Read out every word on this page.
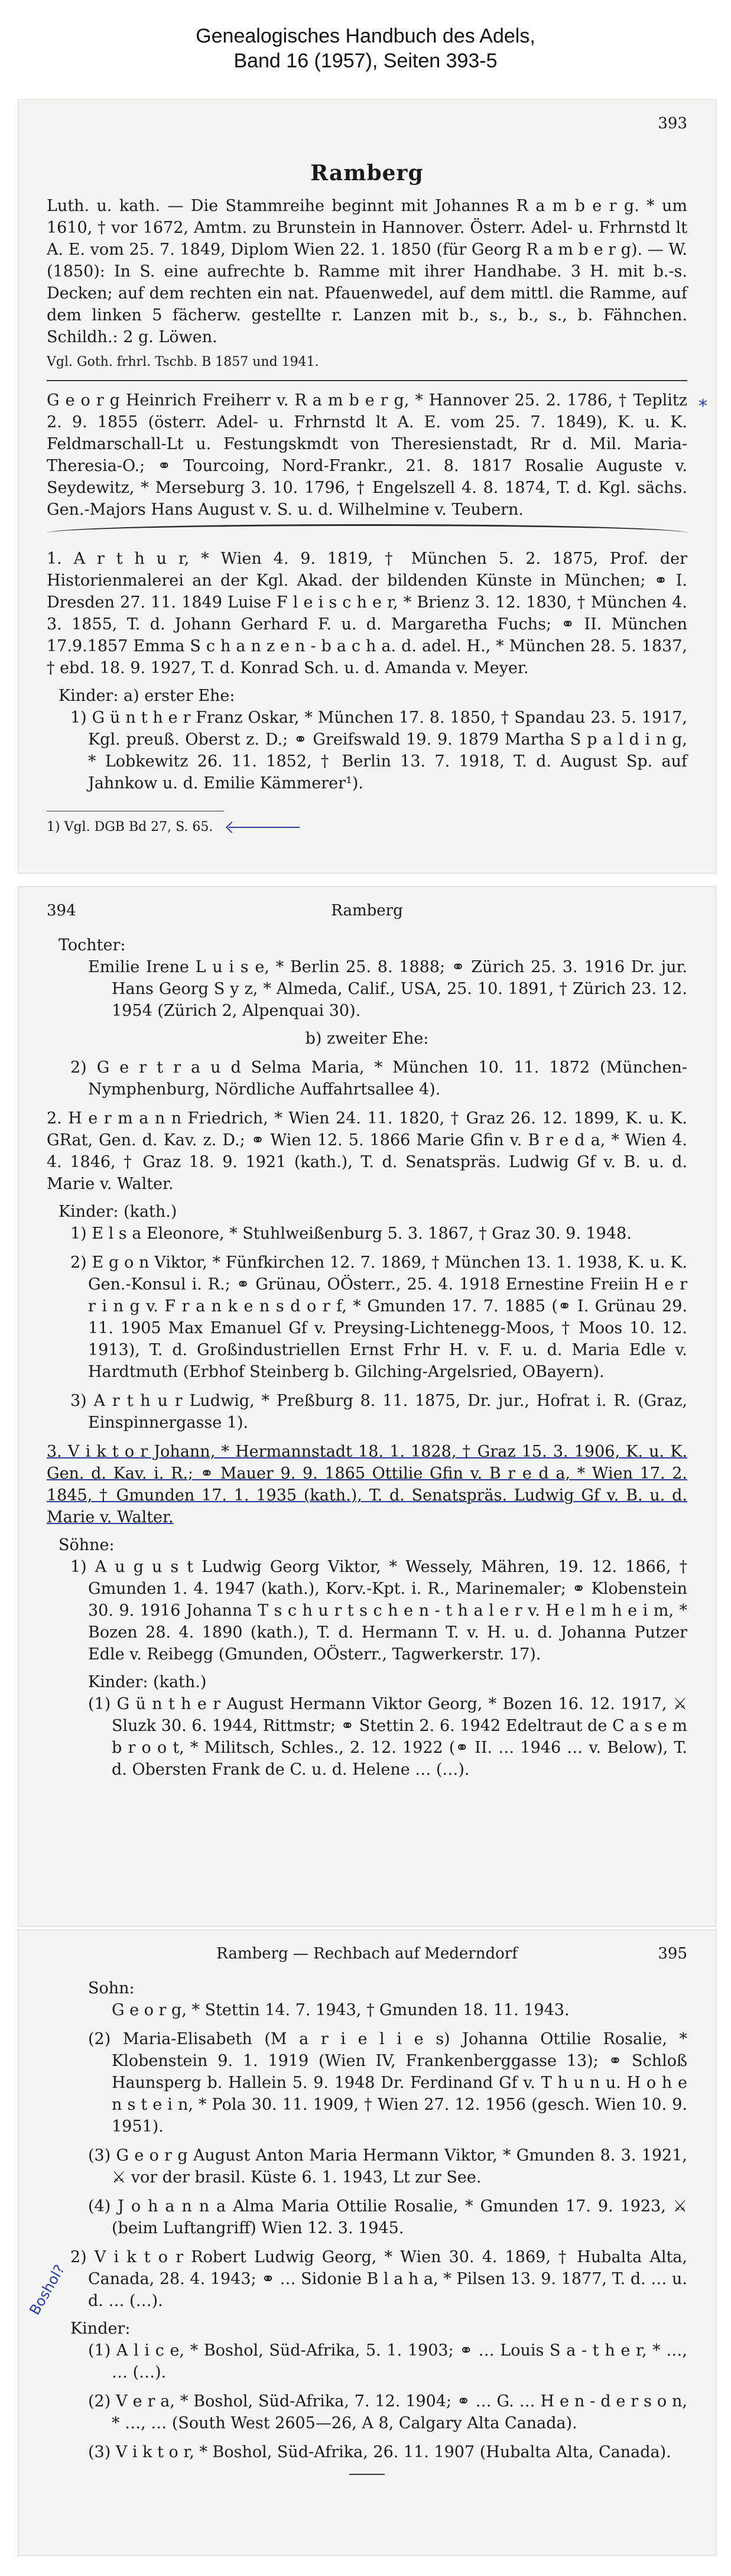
Genealogisches Handbuch des Adels,
Band 16 (1957), Seiten 393-5
393
Ramberg

Luth. u. kath. — Die Stammreihe beginnt mit Johannes R a m b e r g. * um 1610, † vor 1672, Amtm. zu Brunstein in Hannover. Österr. Adel- u. Frhrnstd lt A. E. vom 25. 7. 1849, Diplom Wien 22. 1. 1850 (für Georg R a m b e r g). — W. (1850): In S. eine aufrechte b. Ramme mit ihrer Handhabe. 3 H. mit b.-s. Decken; auf dem rechten ein nat. Pfauenwedel, auf dem mittl. die Ramme, auf dem linken 5 fächerw. gestellte r. Lanzen mit b., s., b., s., b. Fähnchen. Schildh.: 2 g. Löwen.

Vgl. Goth. frhrl. Tschb. B 1857 und 1941.

G e o r g Heinrich Freiherr v. R a m b e r g, * Hannover 25. 2. 1786, † Teplitz 2. 9. 1855 (österr. Adel- u. Frhrnstd lt A. E. vom 25. 7. 1849), K. u. K. Feldmarschall-Lt u. Festungskmdt von Theresienstadt, Rr d. Mil. Maria-Theresia-O.; ⚭ Tourcoing, Nord-Frankr., 21. 8. 1817 Rosalie Auguste v. Seydewitz, * Merseburg 3. 10. 1796, † Engelszell 4. 8. 1874, T. d. Kgl. sächs. Gen.-Majors Hans August v. S. u. d. Wilhelmine v. Teubern.

1. A r t h u r, * Wien 4. 9. 1819, † München 5. 2. 1875, Prof. der Historienmalerei an der Kgl. Akad. der bildenden Künste in München; ⚭ I. Dresden 27. 11. 1849 Luise F l e i s c h e r, * Brienz 3. 12. 1830, † München 4. 3. 1855, T. d. Johann Gerhard F. u. d. Margaretha Fuchs; ⚭ II. München 17.9.1857 Emma S c h a n z e n - b a c h a. d. adel. H., * München 28. 5. 1837, † ebd. 18. 9. 1927, T. d. Konrad Sch. u. d. Amanda v. Meyer.

Kinder: a) erster Ehe:

1) G ü n t h e r Franz Oskar, * München 17. 8. 1850, † Spandau 23. 5. 1917, Kgl. preuß. Oberst z. D.; ⚭ Greifswald 19. 9. 1879 Martha S p a l d i n g, * Lobkewitz 26. 11. 1852, † Berlin 13. 7. 1918, T. d. August Sp. auf Jahnkow u. d. Emilie Kämmerer¹).

1) Vgl. DGB Bd 27, S. 65.

*
394	Ramberg

Tochter:

Emilie Irene L u i s e, * Berlin 25. 8. 1888; ⚭ Zürich 25. 3. 1916 Dr. jur. Hans Georg S y z, * Almeda, Calif., USA, 25. 10. 1891, † Zürich 23. 12. 1954 (Zürich 2, Alpenquai 30).

b) zweiter Ehe:

2) G e r t r a u d Selma Maria, * München 10. 11. 1872 (München-Nymphenburg, Nördliche Auffahrtsallee 4).

2. H e r m a n n Friedrich, * Wien 24. 11. 1820, † Graz 26. 12. 1899, K. u. K. GRat, Gen. d. Kav. z. D.; ⚭ Wien 12. 5. 1866 Marie Gfin v. B r e d a, * Wien 4. 4. 1846, † Graz 18. 9. 1921 (kath.), T. d. Senatspräs. Ludwig Gf v. B. u. d. Marie v. Walter.

Kinder: (kath.)

1) E l s a Eleonore, * Stuhlweißenburg 5. 3. 1867, † Graz 30. 9. 1948.

2) E g o n Viktor, * Fünfkirchen 12. 7. 1869, † München 13. 1. 1938, K. u. K. Gen.-Konsul i. R.; ⚭ Grünau, OÖsterr., 25. 4. 1918 Ernestine Freiin H e r r i n g v. F r a n k e n s d o r f, * Gmunden 17. 7. 1885 (⚭ I. Grünau 29. 11. 1905 Max Emanuel Gf v. Preysing-Lichtenegg-Moos, † Moos 10. 12. 1913), T. d. Großindustriellen Ernst Frhr H. v. F. u. d. Maria Edle v. Hardtmuth (Erbhof Steinberg b. Gilching-Argelsried, OBayern).

3) A r t h u r Ludwig, * Preßburg 8. 11. 1875, Dr. jur., Hofrat i. R. (Graz, Einspinnergasse 1).

3. V i k t o r Johann, * Hermannstadt 18. 1. 1828, † Graz 15. 3. 1906, K. u. K. Gen. d. Kav. i. R.; ⚭ Mauer 9. 9. 1865 Ottilie Gfin v. B r e d a, * Wien 17. 2. 1845, † Gmunden 17. 1. 1935 (kath.), T. d. Senatspräs. Ludwig Gf v. B. u. d. Marie v. Walter.

Söhne:

1) A u g u s t Ludwig Georg Viktor, * Wessely, Mähren, 19. 12. 1866, † Gmunden 1. 4. 1947 (kath.), Korv.-Kpt. i. R., Marinemaler; ⚭ Klobenstein 30. 9. 1916 Johanna T s c h u r t s c h e n - t h a l e r v. H e l m h e i m, * Bozen 28. 4. 1890 (kath.), T. d. Hermann T. v. H. u. d. Johanna Putzer Edle v. Reibegg (Gmunden, OÖsterr., Tagwerkerstr. 17).

Kinder: (kath.)

(1) G ü n t h e r August Hermann Viktor Georg, * Bozen 16. 12. 1917, ⚔ Sluzk 30. 6. 1944, Rittmstr; ⚭ Stettin 2. 6. 1942 Edeltraut de C a s e m b r o o t, * Militsch, Schles., 2. 12. 1922 (⚭ II. … 1946 … v. Below), T. d. Obersten Frank de C. u. d. Helene … (…).

Ramberg — Rechbach auf Mederndorf	395

Sohn:

G e o r g, * Stettin 14. 7. 1943, † Gmunden 18. 11. 1943.

(2) Maria-Elisabeth (M a r i e l i e s) Johanna Ottilie Rosalie, * Klobenstein 9. 1. 1919 (Wien IV, Frankenberggasse 13); ⚭ Schloß Haunsperg b. Hallein 5. 9. 1948 Dr. Ferdinand Gf v. T h u n u. H o h e n s t e i n, * Pola 30. 11. 1909, † Wien 27. 12. 1956 (gesch. Wien 10. 9. 1951).

(3) G e o r g August Anton Maria Hermann Viktor, * Gmunden 8. 3. 1921, ⚔ vor der brasil. Küste 6. 1. 1943, Lt zur See.

(4) J o h a n n a Alma Maria Ottilie Rosalie, * Gmunden 17. 9. 1923, ⚔ (beim Luftangriff) Wien 12. 3. 1945.

2) V i k t o r Robert Ludwig Georg, * Wien 30. 4. 1869, † Hubalta Alta, Canada, 28. 4. 1943; ⚭ … Sidonie B l a h a, * Pilsen 13. 9. 1877, T. d. … u. d. … (…).

Kinder:

(1) A l i c e, * Boshol, Süd-Afrika, 5. 1. 1903; ⚭ … Louis S a - t h e r, * …, … (…).

(2) V e r a, * Boshol, Süd-Afrika, 7. 12. 1904; ⚭ … G. … H e n - d e r s o n, * …, … (South West 2605—26, A 8, Calgary Alta Canada).

(3) V i k t o r, * Boshol, Süd-Afrika, 26. 11. 1907 (Hubalta Alta, Canada).

Boshol?
